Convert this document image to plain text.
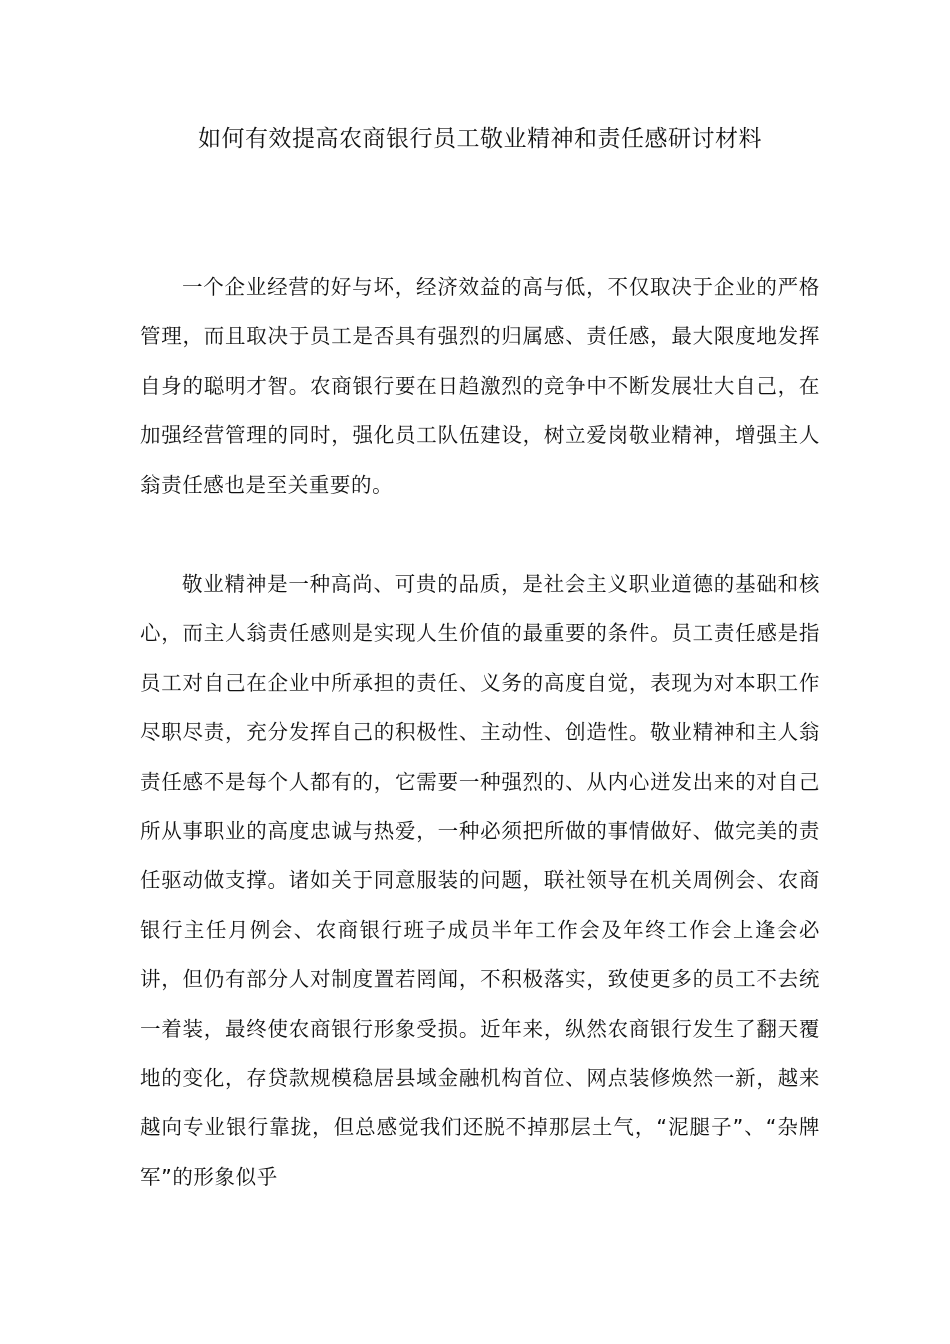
如何有效提高农商银行员工敬业精神和责任感研讨材料

一个企业经营的好与坏，经济效益的高与低，不仅取决于企业的严格管理，而且取决于员工是否具有强烈的归属感、责任感，最大限度地发挥自身的聪明才智。农商银行要在日趋激烈的竞争中不断发展壮大自己，在加强经营管理的同时，强化员工队伍建设，树立爱岗敬业精神，增强主人翁责任感也是至关重要的。

敬业精神是一种高尚、可贵的品质，是社会主义职业道德的基础和核心，而主人翁责任感则是实现人生价值的最重要的条件。员工责任感是指员工对自己在企业中所承担的责任、义务的高度自觉，表现为对本职工作尽职尽责，充分发挥自己的积极性、主动性、创造性。敬业精神和主人翁责任感不是每个人都有的，它需要一种强烈的、从内心迸发出来的对自己所从事职业的高度忠诚与热爱，一种必须把所做的事情做好、做完美的责任驱动做支撑。诸如关于同意服装的问题，联社领导在机关周例会、农商银行主任月例会、农商银行班子成员半年工作会及年终工作会上逢会必讲，但仍有部分人对制度置若罔闻，不积极落实，致使更多的员工不去统一着装，最终使农商银行形象受损。近年来，纵然农商银行发生了翻天覆地的变化，存贷款规模稳居县域金融机构首位、网点装修焕然一新，越来越向专业银行靠拢，但总感觉我们还脱不掉那层土气，“泥腿子”、“杂牌军”的形象似乎
